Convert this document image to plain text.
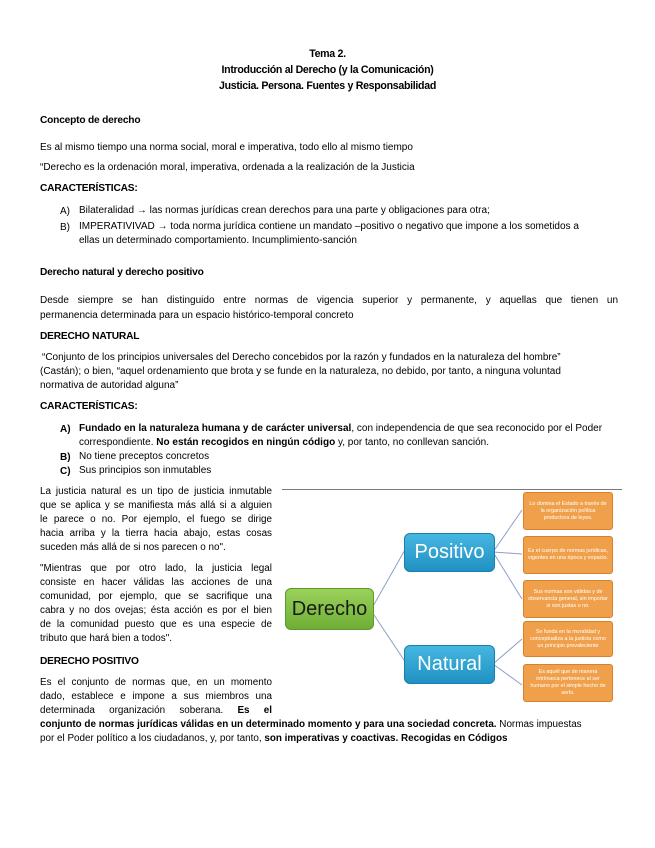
Tema 2.
Introducción al Derecho (y la Comunicación)
Justicia. Persona. Fuentes y Responsabilidad
Concepto de derecho
Es al mismo tiempo una norma social, moral e imperativa, todo ello al mismo tiempo
“Derecho es la ordenación moral, imperativa, ordenada a la realización de la Justicia
CARACTERÍSTICAS:
A) Bilateralidad → las normas jurídicas crean derechos para una parte y obligaciones para otra;
B) IMPERATIVIVAD → toda norma jurídica contiene un mandato –positivo o negativo que impone a los sometidos a
ellas un determinado comportamiento. Incumplimiento-sanción
Derecho natural y derecho positivo
Desde siempre se han distinguido entre normas de vigencia superior y permanente, y aquellas que tienen un
permanencia determinada para un espacio histórico-temporal concreto
DERECHO NATURAL
“Conjunto de los principios universales del Derecho concebidos por la razón y fundados en la naturaleza del hombre”
(Castán); o bien, “aquel ordenamiento que brota y se funde en la naturaleza, no debido, por tanto, a ninguna voluntad
normativa de autoridad alguna”
CARACTERÍSTICAS:
A) Fundado en la naturaleza humana y de carácter universal, con independencia de que sea reconocido por el Poder
correspondiente. No están recogidos en ningún código y, por tanto, no conllevan sanción.
B) No tiene preceptos concretos
C) Sus principios son inmutables
La justicia natural es un tipo de justicia inmutable
que se aplica y se manifiesta más allá si a alguien
le parece o no. Por ejemplo, el fuego se dirige
hacia arriba y la tierra hacia abajo, estas cosas
suceden más allá de si nos parecen o no".
"Mientras que por otro lado, la justicia legal
consiste en hacer válidas las acciones de una
comunidad, por ejemplo, que se sacrifique una
cabra y no dos ovejas; ésta acción es por el bien
de la comunidad puesto que es una especie de
tributo que hará bien a todos".
DERECHO POSITIVO
Es el conjunto de normas que, en un momento
dado, establece e impone a sus miembros una
determinada organización soberana. Es el
conjunto de normas jurídicas válidas en un determinado momento y para una sociedad concreta. Normas impuestas
por el Poder político a los ciudadanos, y, por tanto, son imperativas y coactivas. Recogidas en Códigos
Derecho
Positivo
Natural
Lo domina el Estado a través de la organización política productora de leyes.
Es el cuerpo de normas jurídicas, vigentes en una época y espacio.
Sus normas son válidas y de observancia general, sin importar si son justas o no.
Se funda en la moralidad y conceptualiza a la justicia como un principio prevaleciente
Es aquél que de manera intrínseca pertenece al ser humano por el simple hecho de serlo.
